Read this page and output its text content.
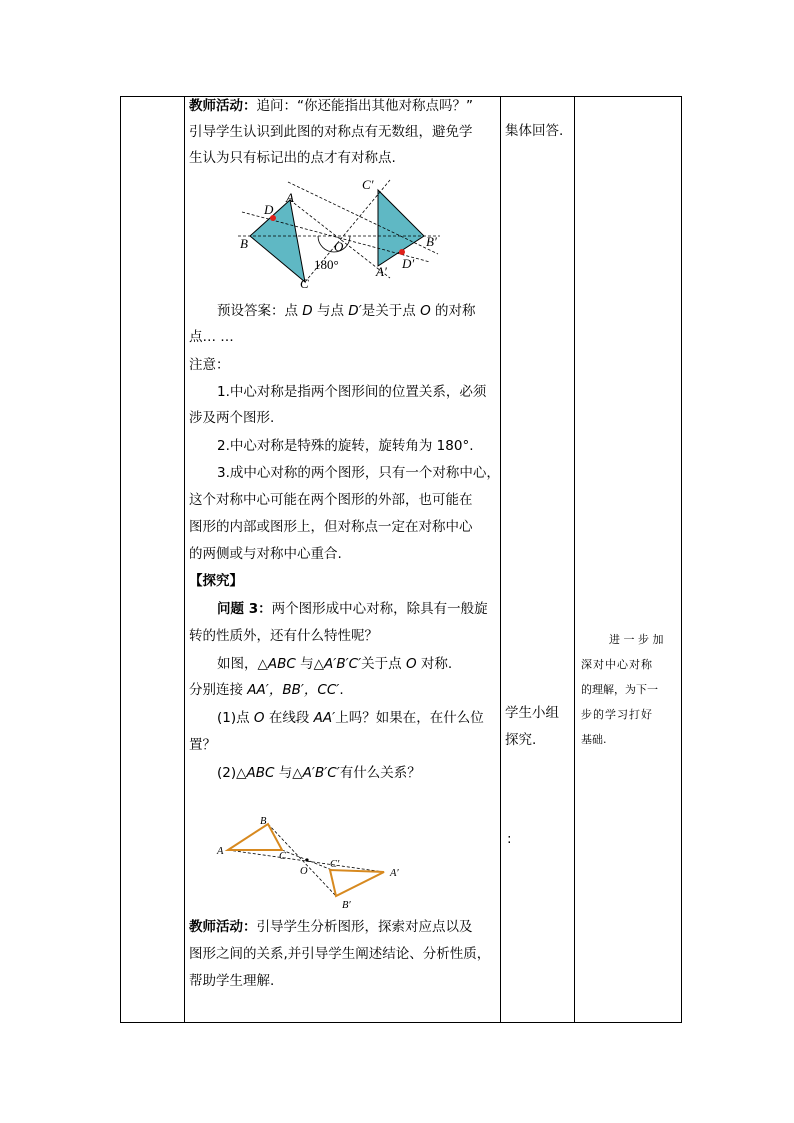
教师活动：追问：“你还能指出其他对称点吗？”
引导学生认识到此图的对称点有无数组，避免学
生认为只有标记出的点才有对称点.
C′
A
D
B	O	B′
A′
D′
C
180°
预设答案：点 D 与点 D′是关于点 O 的对称
点… …
注意：
1.中心对称是指两个图形间的位置关系，必须
涉及两个图形.
2.中心对称是特殊的旋转，旋转角为 180°.
3.成中心对称的两个图形，只有一个对称中心，
这个对称中心可能在两个图形的外部，也可能在
图形的内部或图形上，但对称点一定在对称中心
的两侧或与对称中心重合.
【探究】
问题 3：两个图形成中心对称，除具有一般旋
转的性质外，还有什么特性呢？
如图，△ABC 与△A′B′C′关于点 O 对称.
分别连接 AA′，BB′，CC′.
(1)点 O 在线段 AA′上吗？如果在，在什么位
置？
(2)△ABC 与△A′B′C′有什么关系？
B
A	C
O
C′
A′
B′
教师活动：引导学生分析图形，探索对应点以及
图形之间的关系,并引导学生阐述结论、分析性质，
帮助学生理解.
集体回答.
学生小组
探究.
:
进 一 步 加
深对中心对称
的理解，为下一
步的学习打好
基础.
